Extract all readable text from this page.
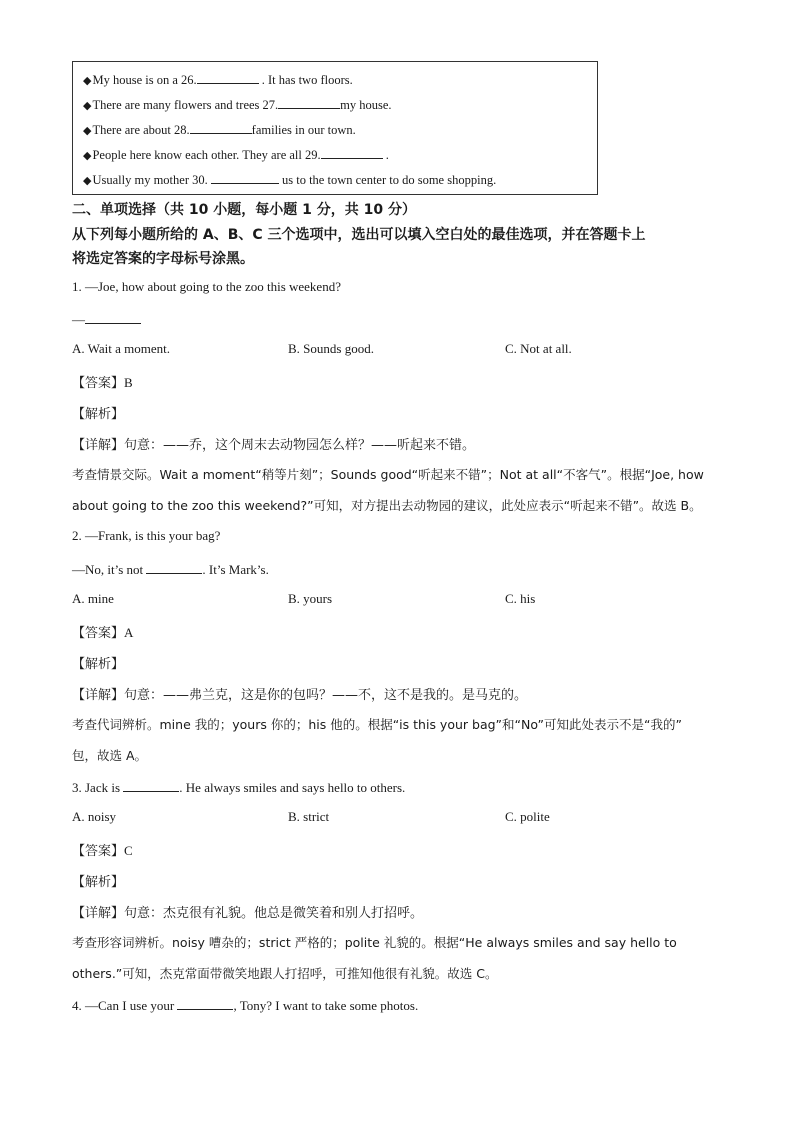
◆My house is on a 26.	. It has two floors.
◆There are many flowers and trees 27.	my house.
◆There are about 28.	families in our town.
◆People here know each other. They are all 29.	.
◆Usually my mother 30.	us to the town center to do some shopping.
二、单项选择（共 10 小题，每小题 1 分，共 10 分）
从下列每小题所给的 A、B、C 三个选项中，选出可以填入空白处的最佳选项，并在答题卡上
将选定答案的字母标号涂黑。
1. —Joe, how about going to the zoo this weekend?
—
A. Wait a moment.	B. Sounds good.	C. Not at all.
【答案】B
【解析】
【详解】句意：——乔，这个周末去动物园怎么样？——听起来不错。
考查情景交际。Wait a moment“稍等片刻”；Sounds good“听起来不错”；Not at all“不客气”。根据“Joe, how
about going to the zoo this weekend?”可知，对方提出去动物园的建议，此处应表示“听起来不错”。故选 B。
2. —Frank, is this your bag?
—No, it’s not	. It’s Mark’s.
A. mine	B. yours	C. his
【答案】A
【解析】
【详解】句意：——弗兰克，这是你的包吗？——不，这不是我的。是马克的。
考查代词辨析。mine 我的；yours 你的；his 他的。根据“is this your bag”和“No”可知此处表示不是“我的”
包，故选 A。
3. Jack is	. He always smiles and says hello to others.
A. noisy	B. strict	C. polite
【答案】C
【解析】
【详解】句意：杰克很有礼貌。他总是微笑着和别人打招呼。
考查形容词辨析。noisy 嘈杂的；strict 严格的；polite 礼貌的。根据“He always smiles and say hello to
others.”可知，杰克常面带微笑地跟人打招呼，可推知他很有礼貌。故选 C。
4. —Can I use your	, Tony? I want to take some photos.
